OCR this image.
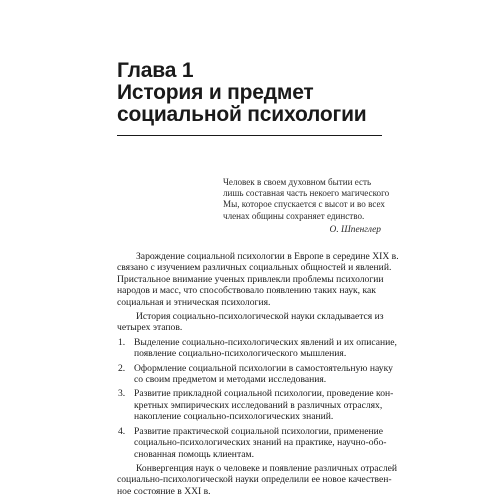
Глава 1
История и предмет
социальной психологии
Человек в своем духовном бытии есть
лишь составная часть некоего магического
Мы, которое спускается с высот и во всех
членах общины сохраняет единство.
О. Шпенглер
Зарождение социальной психологии в Европе в середине XIX в.
связано с изучением различных социальных общностей и явлений.
Пристальное внимание ученых привлекли проблемы психологии
народов и масс, что способствовало появлению таких наук, как
социальная и этническая психология.
История социально-психологической науки складывается из
четырех этапов.
1. Выделение социально-психологических явлений и их описание,
появление социально-психологического мышления.
2. Оформление социальной психологии в самостоятельную науку
со своим предметом и методами исследования.
3. Развитие прикладной социальной психологии, проведение кон-
кретных эмпирических исследований в различных отраслях,
накопление социально-психологических знаний.
4. Развитие практической социальной психологии, применение
социально-психологических знаний на практике, научно-обо-
снованная помощь клиентам.
Конвергенция наук о человеке и появление различных отраслей
социально-психологической науки определили ее новое качествен-
ное состояние в XXI в.
